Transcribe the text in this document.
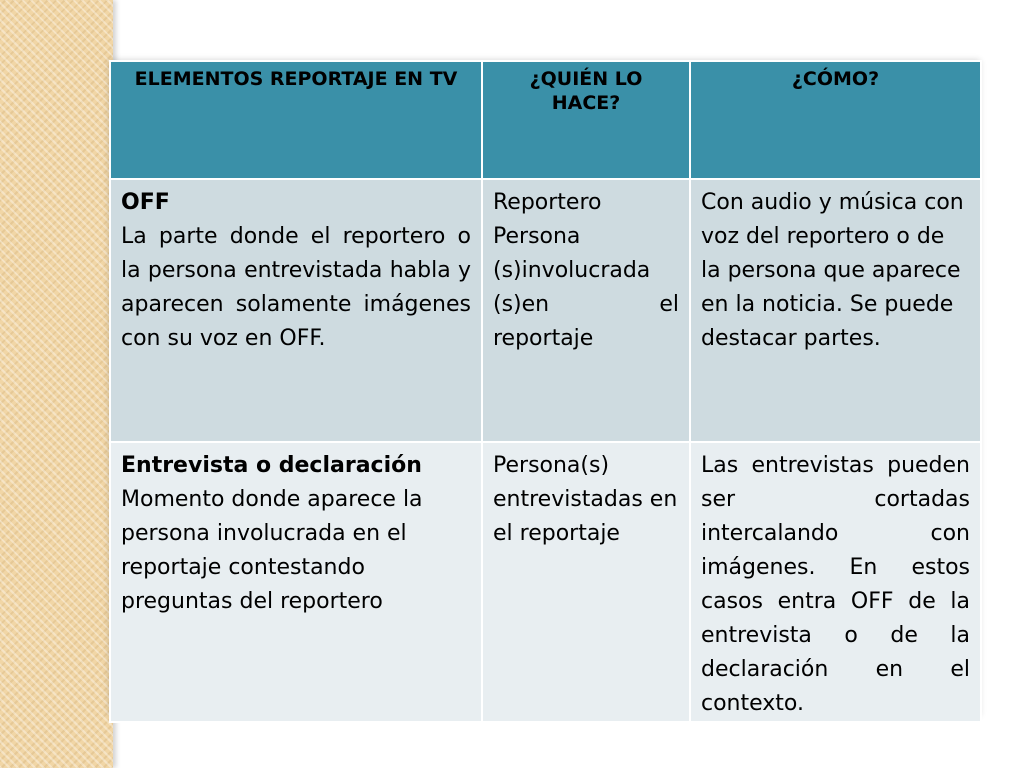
ELEMENTOS REPORTAJE EN TV	¿QUIÉN LO HACE?	¿CÓMO?

OFF
La parte donde el reportero o la persona entrevistada habla y aparecen solamente imágenes con su voz en OFF.	Reportero Persona (s)involucrada (s)en el reportaje	Con audio y música con voz del reportero o de la persona que aparece en la noticia. Se puede destacar partes.

Entrevista o declaración
Momento donde aparece la persona involucrada en el reportaje contestando preguntas del reportero	Persona(s) entrevistadas en el reportaje	Las entrevistas pueden ser cortadas intercalando con imágenes. En estos casos entra OFF de la entrevista o de la declaración en el contexto.
